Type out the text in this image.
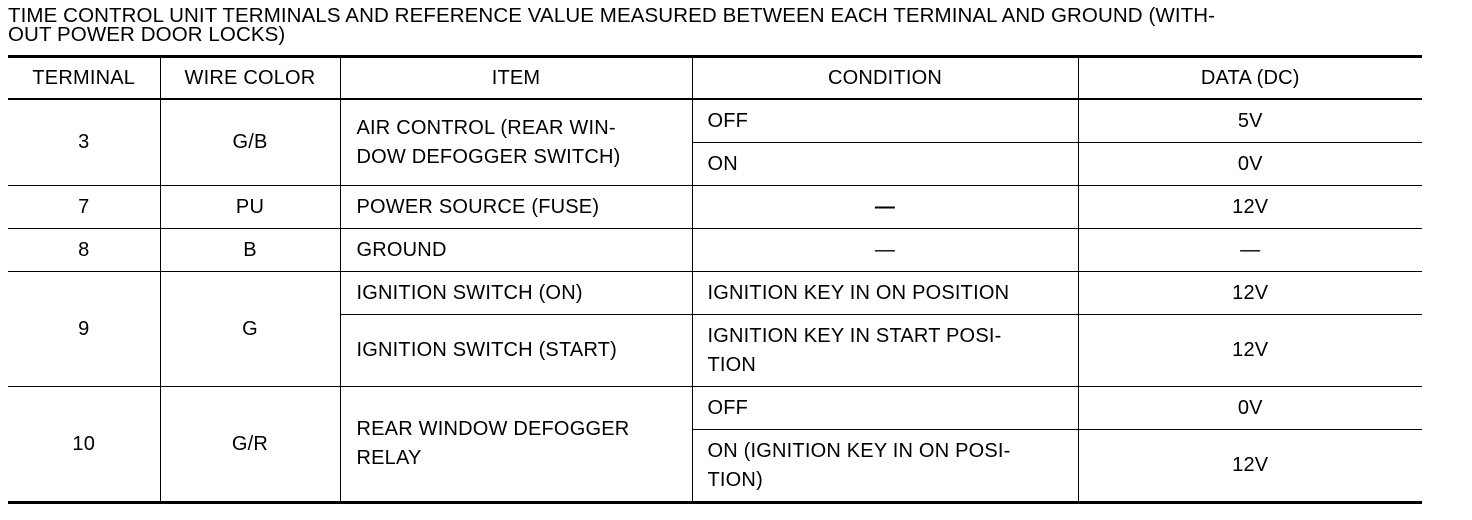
TIME CONTROL UNIT TERMINALS AND REFERENCE VALUE MEASURED BETWEEN EACH TERMINAL AND GROUND (WITH-
OUT POWER DOOR LOCKS)
TERMINAL	WIRE COLOR	ITEM	CONDITION	DATA (DC)
3	G/B	AIR CONTROL (REAR WIN-
DOW DEFOGGER SWITCH)	OFF	5V
			ON	0V
7	PU	POWER SOURCE (FUSE)	—	12V
8	B	GROUND	—	—
9	G	IGNITION SWITCH (ON)	IGNITION KEY IN ON POSITION	12V
		IGNITION SWITCH (START)	IGNITION KEY IN START POSI-
TION	12V
10	G/R	REAR WINDOW DEFOGGER
RELAY	OFF	0V

			ON (IGNITION KEY IN ON POSI-
TION)	12V
